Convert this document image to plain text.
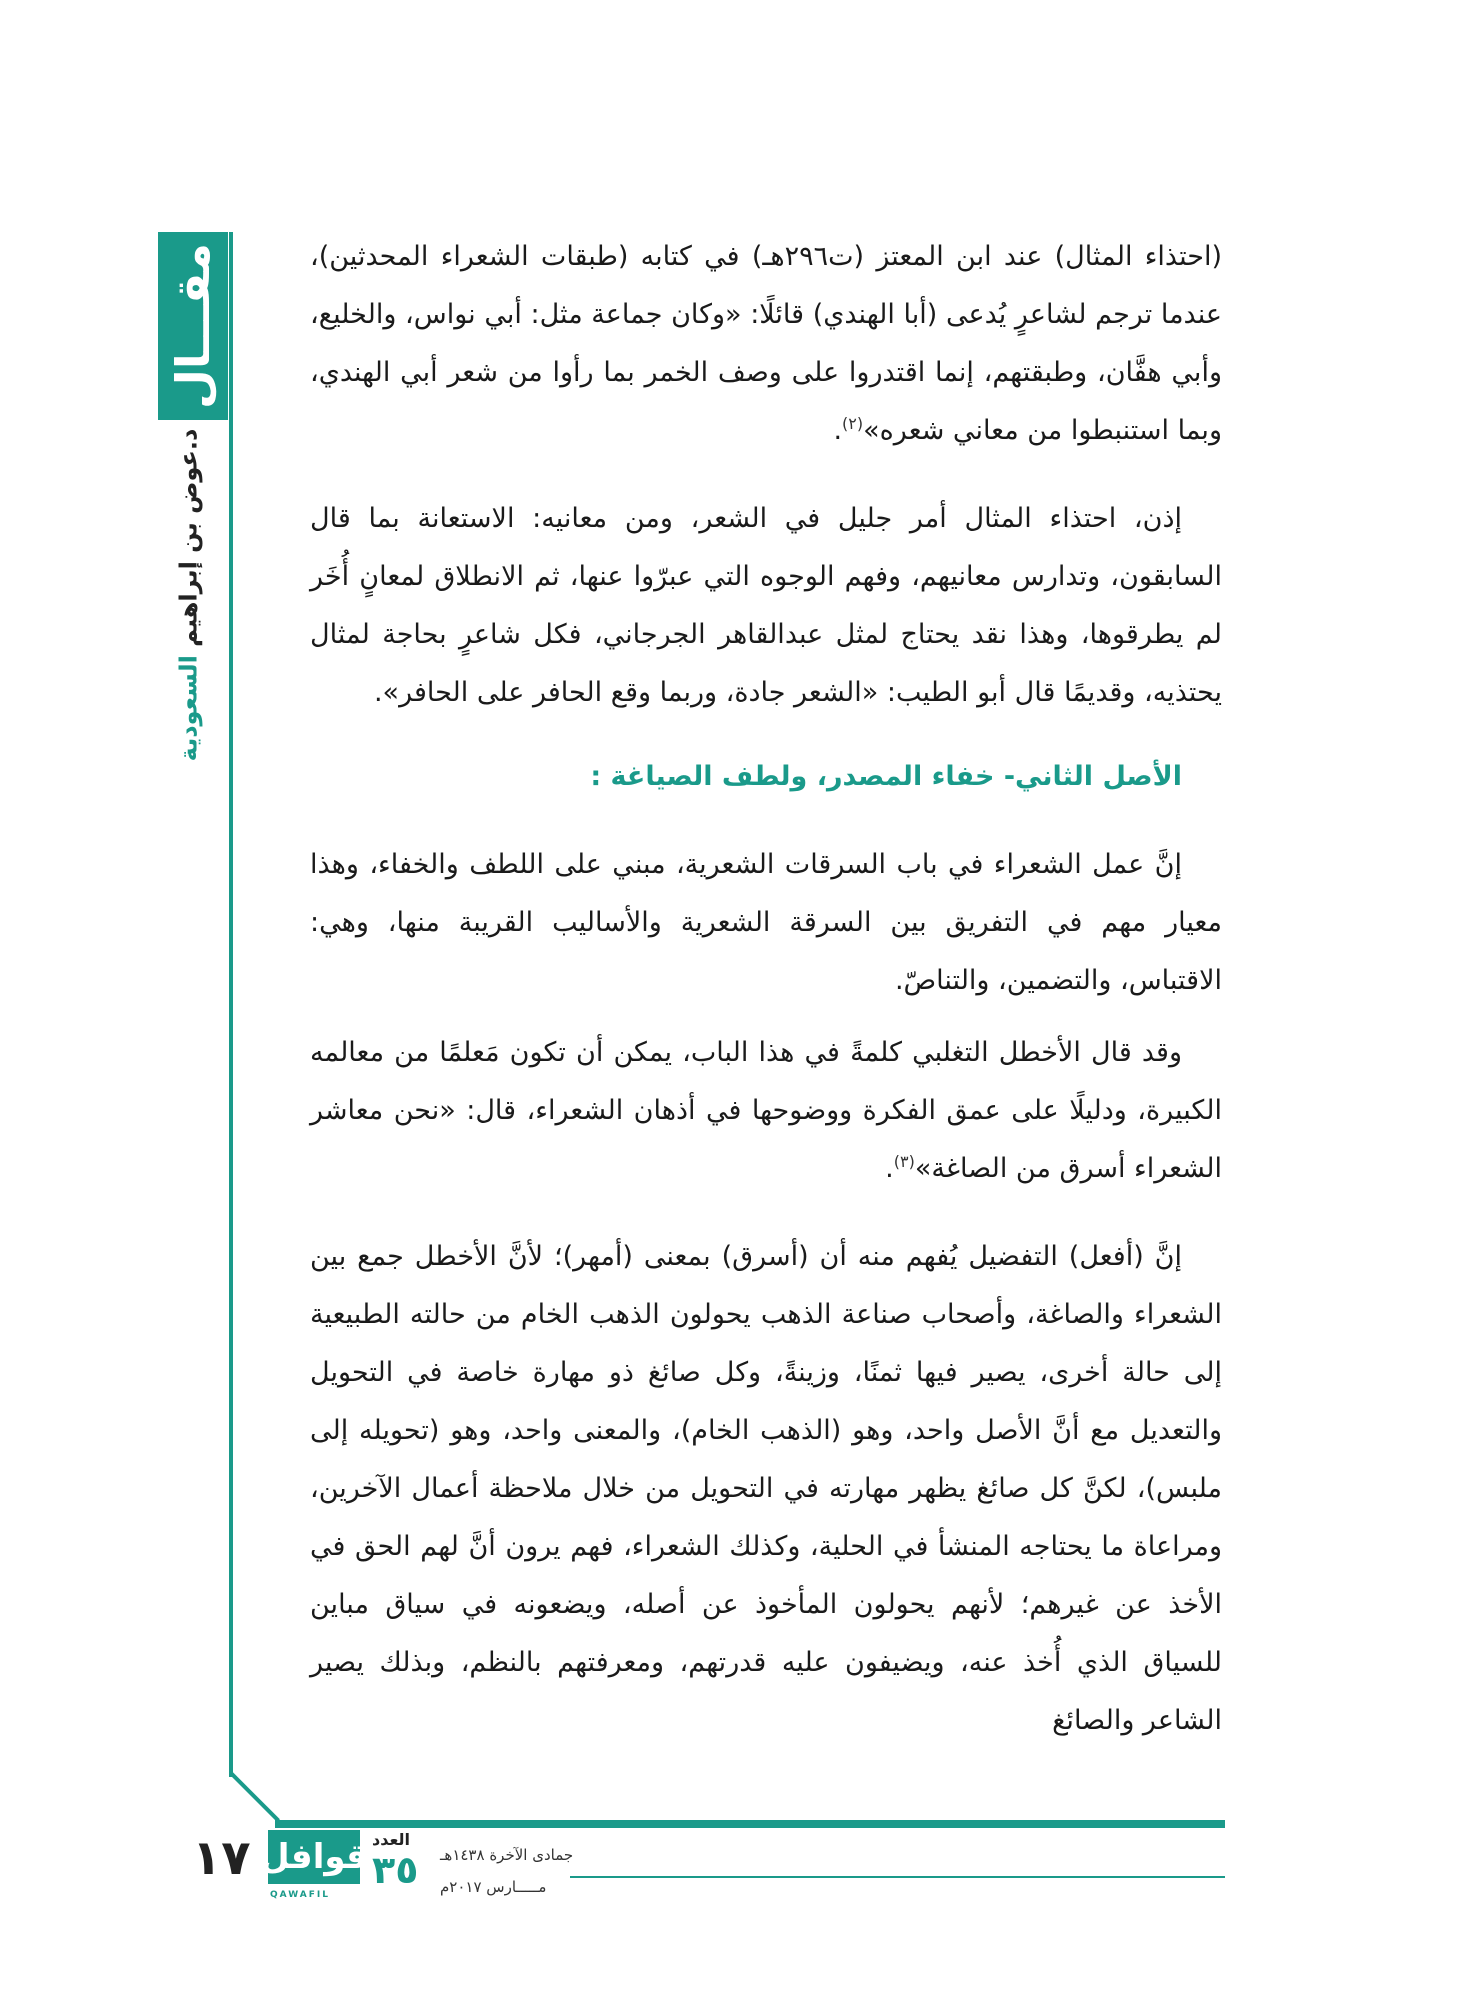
مقـــال
د.عوض بن إبراهيم السعودية

(احتذاء المثال) عند ابن المعتز (ت٢٩٦هـ) في كتابه (طبقات الشعراء المحدثين)، عندما ترجم لشاعرٍ يُدعى (أبا الهندي) قائلًا: «وكان جماعة مثل: أبي نواس، والخليع، وأبي هفَّان، وطبقتهم، إنما اقتدروا على وصف الخمر بما رأوا من شعر أبي الهندي، وبما استنبطوا من معاني شعره»$^{(٢)}$.

إذن، احتذاء المثال أمر جليل في الشعر، ومن معانيه: الاستعانة بما قال السابقون، وتدارس معانيهم، وفهم الوجوه التي عبرّوا عنها، ثم الانطلاق لمعانٍ أُخَر لم يطرقوها، وهذا نقد يحتاج لمثل عبدالقاهر الجرجاني، فكل شاعرٍ بحاجة لمثال يحتذيه، وقديمًا قال أبو الطيب: «الشعر جادة، وربما وقع الحافر على الحافر».

الأصل الثاني- خفاء المصدر، ولطف الصياغة :

إنَّ عمل الشعراء في باب السرقات الشعرية، مبني على اللطف والخفاء، وهذا معيار مهم في التفريق بين السرقة الشعرية والأساليب القريبة منها، وهي: الاقتباس، والتضمين، والتناصّ.

وقد قال الأخطل التغلبي كلمةً في هذا الباب، يمكن أن تكون مَعلمًا من معالمه الكبيرة، ودليلًا على عمق الفكرة ووضوحها في أذهان الشعراء، قال: «نحن معاشر الشعراء أسرق من الصاغة»$^{(٣)}$.

إنَّ (أفعل) التفضيل يُفهم منه أن (أسرق) بمعنى (أمهر)؛ لأنَّ الأخطل جمع بين الشعراء والصاغة، وأصحاب صناعة الذهب يحولون الذهب الخام من حالته الطبيعية إلى حالة أخرى، يصير فيها ثمنًا، وزينةً، وكل صائغ ذو مهارة خاصة في التحويل والتعديل مع أنَّ الأصل واحد، وهو (الذهب الخام)، والمعنى واحد، وهو (تحويله إلى ملبس)، لكنَّ كل صائغ يظهر مهارته في التحويل من خلال ملاحظة أعمال الآخرين، ومراعاة ما يحتاجه المنشأ في الحلية، وكذلك الشعراء، فهم يرون أنَّ لهم الحق في الأخذ عن غيرهم؛ لأنهم يحولون المأخوذ عن أصله، ويضعونه في سياق مباين للسياق الذي أُخذ عنه، ويضيفون عليه قدرتهم، ومعرفتهم بالنظم، وبذلك يصير الشاعر والصائغ

١٧ قوافل
QAWAFIL
العدد
٣٥ جمادى الآخرة ١٤٣٨هـ
مـــــارس ٢٠١٧م
